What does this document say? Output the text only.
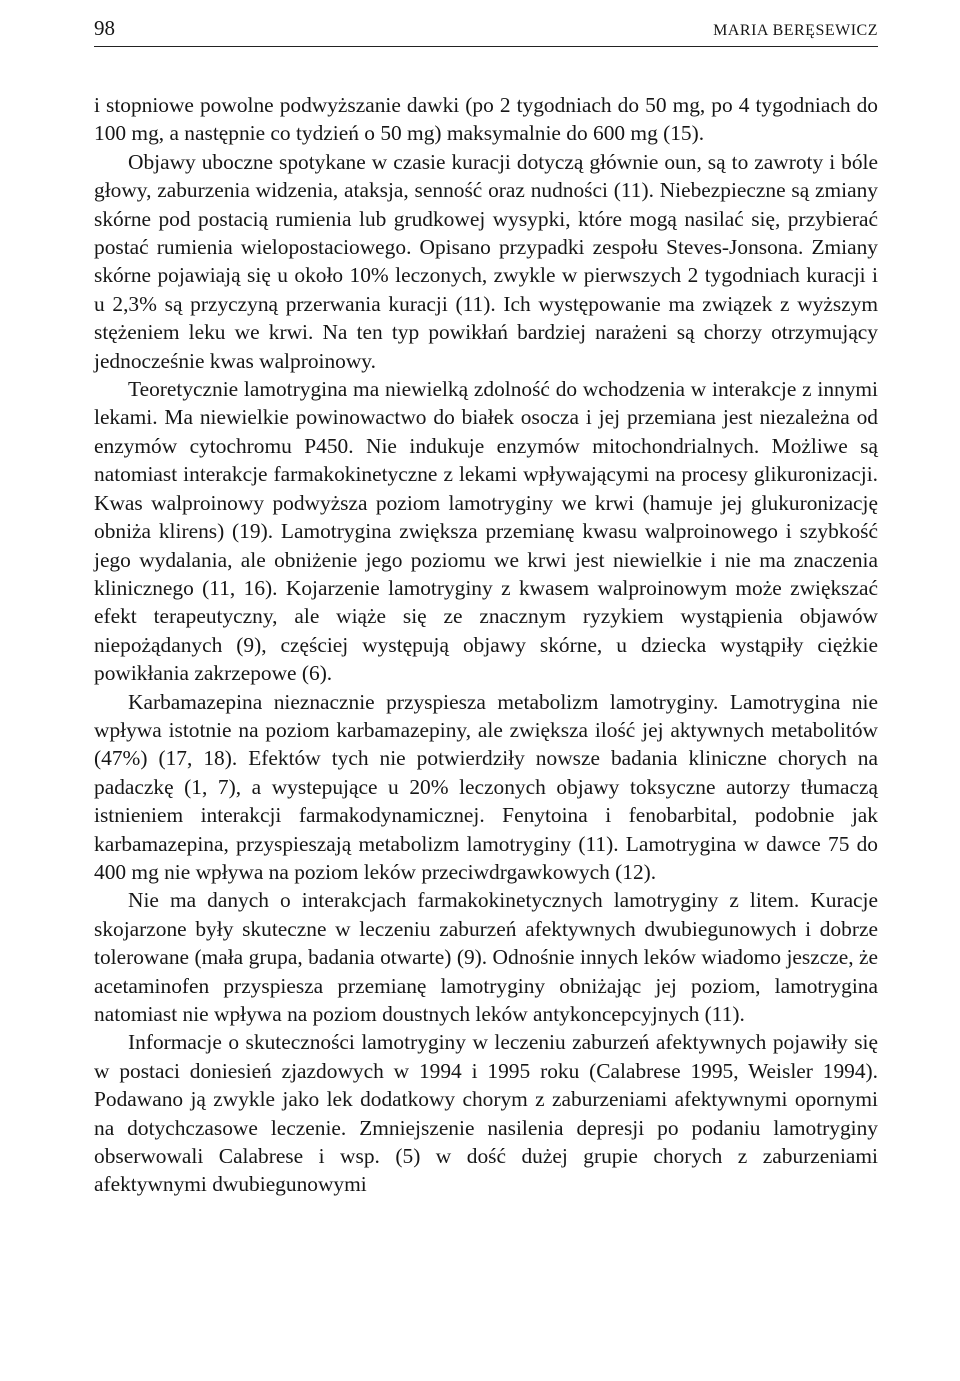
98	MARIA BERĘSEWICZ

i stopniowe powolne podwyższanie dawki (po 2 tygodniach do 50 mg, po 4 tygodniach do 100 mg, a następnie co tydzień o 50 mg) maksymalnie do 600 mg (15).

Objawy uboczne spotykane w czasie kuracji dotyczą głównie oun, są to zawroty i bóle głowy, zaburzenia widzenia, ataksja, senność oraz nudności (11). Niebezpieczne są zmiany skórne pod postacią rumienia lub grudkowej wysypki, które mogą nasilać się, przybierać postać rumienia wielopostaciowego. Opisano przypadki zespołu Steves-Jonsona. Zmiany skórne pojawiają się u około 10% leczonych, zwykle w pierwszych 2 tygodniach kuracji i u 2,3% są przyczyną przerwania kuracji (11). Ich występowanie ma związek z wyższym stężeniem leku we krwi. Na ten typ powikłań bardziej narażeni są chorzy otrzymujący jednocześnie kwas walproinowy.

Teoretycznie lamotrygina ma niewielką zdolność do wchodzenia w interakcje z innymi lekami. Ma niewielkie powinowactwo do białek osocza i jej przemiana jest niezależna od enzymów cytochromu P450. Nie indukuje enzymów mitochondrialnych. Możliwe są natomiast interakcje farmakokinetyczne z lekami wpływającymi na procesy glikuronizacji. Kwas walproinowy podwyższa poziom lamotryginy we krwi (hamuje jej glukuronizację obniża klirens) (19). Lamotrygina zwiększa przemianę kwasu walproinowego i szybkość jego wydalania, ale obniżenie jego poziomu we krwi jest niewielkie i nie ma znaczenia klinicznego (11, 16). Kojarzenie lamotryginy z kwasem walproinowym może zwiększać efekt terapeutyczny, ale wiąże się ze znacznym ryzykiem wystąpienia objawów niepożądanych (9), częściej występują objawy skórne, u dziecka wystąpiły ciężkie powikłania zakrzepowe (6).

Karbamazepina nieznacznie przyspiesza metabolizm lamotryginy. Lamotrygina nie wpływa istotnie na poziom karbamazepiny, ale zwiększa ilość jej aktywnych metabolitów (47%) (17, 18). Efektów tych nie potwierdziły nowsze badania kliniczne chorych na padaczkę (1, 7), a wystepujące u 20% leczonych objawy toksyczne autorzy tłumaczą istnieniem interakcji farmakodynamicznej. Fenytoina i fenobarbital, podobnie jak karbamazepina, przyspieszają metabolizm lamotryginy (11). Lamotrygina w dawce 75 do 400 mg nie wpływa na poziom leków przeciwdrgawkowych (12).

Nie ma danych o interakcjach farmakokinetycznych lamotryginy z litem. Kuracje skojarzone były skuteczne w leczeniu zaburzeń afektywnych dwubiegunowych i dobrze tolerowane (mała grupa, badania otwarte) (9). Odnośnie innych leków wiadomo jeszcze, że acetaminofen przyspiesza przemianę lamotryginy obniżając jej poziom, lamotrygina natomiast nie wpływa na poziom doustnych leków antykoncepcyjnych (11).

Informacje o skuteczności lamotryginy w leczeniu zaburzeń afektywnych pojawiły się w postaci doniesień zjazdowych w 1994 i 1995 roku (Calabrese 1995, Weisler 1994). Podawano ją zwykle jako lek dodatkowy chorym z zaburzeniami afektywnymi opornymi na dotychczasowe leczenie. Zmniejszenie nasilenia depresji po podaniu lamotryginy obserwowali Calabrese i wsp. (5) w dość dużej grupie chorych z zaburzeniami afektywnymi dwubiegunowymi
